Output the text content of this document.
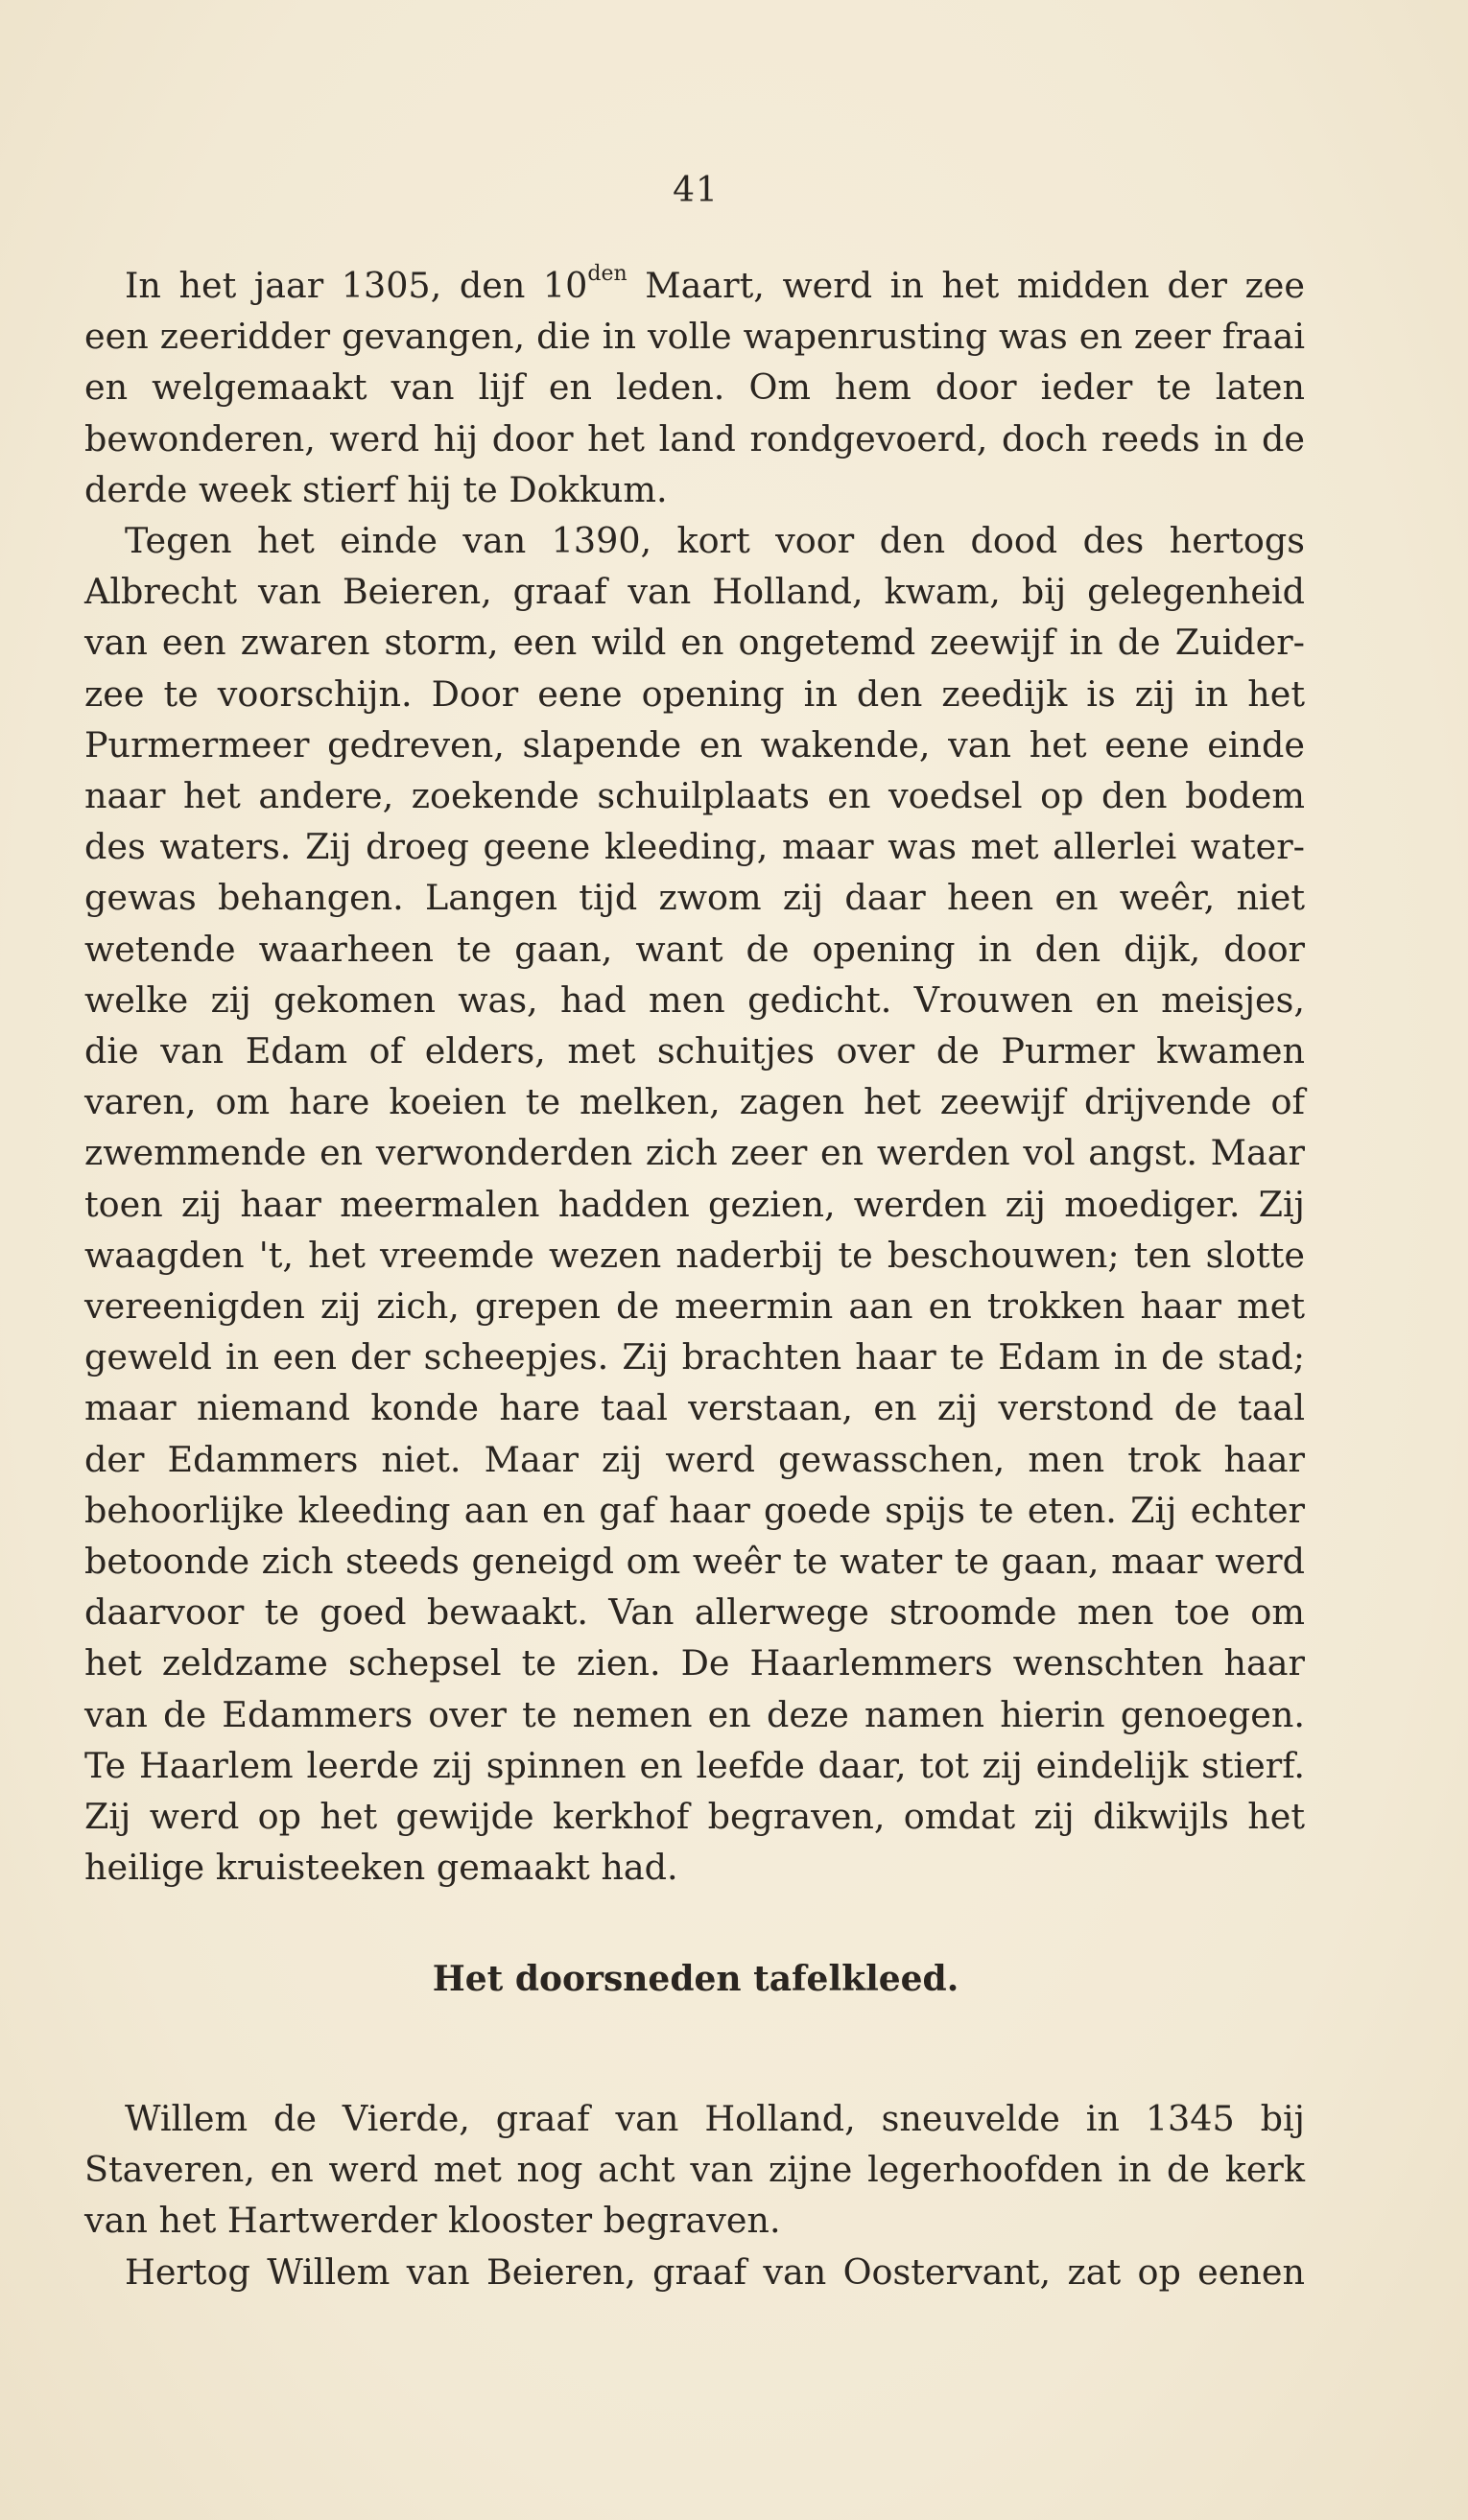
41
In het jaar 1305, den $10^{den}$ Maart, werd in het midden der zee
een zeeridder gevangen, die in volle wapenrusting was en zeer fraai
en welgemaakt van lijf en leden. Om hem door ieder te laten
bewonderen, werd hij door het land rondgevoerd, doch reeds in de
derde week stierf hij te Dokkum.
Tegen het einde van 1390, kort voor den dood des hertogs
Albrecht van Beieren, graaf van Holland, kwam, bij gelegenheid
van een zwaren storm, een wild en ongetemd zeewijf in de Zuider-
zee te voorschijn. Door eene opening in den zeedijk is zij in het
Purmermeer gedreven, slapende en wakende, van het eene einde
naar het andere, zoekende schuilplaats en voedsel op den bodem
des waters. Zij droeg geene kleeding, maar was met allerlei water-
gewas behangen. Langen tijd zwom zij daar heen en weêr, niet
wetende waarheen te gaan, want de opening in den dijk, door
welke zij gekomen was, had men gedicht. Vrouwen en meisjes,
die van Edam of elders, met schuitjes over de Purmer kwamen
varen, om hare koeien te melken, zagen het zeewijf drijvende of
zwemmende en verwonderden zich zeer en werden vol angst. Maar
toen zij haar meermalen hadden gezien, werden zij moediger. Zij
waagden 't, het vreemde wezen naderbij te beschouwen; ten slotte
vereenigden zij zich, grepen de meermin aan en trokken haar met
geweld in een der scheepjes. Zij brachten haar te Edam in de stad;
maar niemand konde hare taal verstaan, en zij verstond de taal
der Edammers niet. Maar zij werd gewasschen, men trok haar
behoorlijke kleeding aan en gaf haar goede spijs te eten. Zij echter
betoonde zich steeds geneigd om weêr te water te gaan, maar werd
daarvoor te goed bewaakt. Van allerwege stroomde men toe om
het zeldzame schepsel te zien. De Haarlemmers wenschten haar
van de Edammers over te nemen en deze namen hierin genoegen.
Te Haarlem leerde zij spinnen en leefde daar, tot zij eindelijk stierf.
Zij werd op het gewijde kerkhof begraven, omdat zij dikwijls het
heilige kruisteeken gemaakt had.
Het doorsneden tafelkleed.
Willem de Vierde, graaf van Holland, sneuvelde in 1345 bij
Staveren, en werd met nog acht van zijne legerhoofden in de kerk
van het Hartwerder klooster begraven.
Hertog Willem van Beieren, graaf van Oostervant, zat op eenen
